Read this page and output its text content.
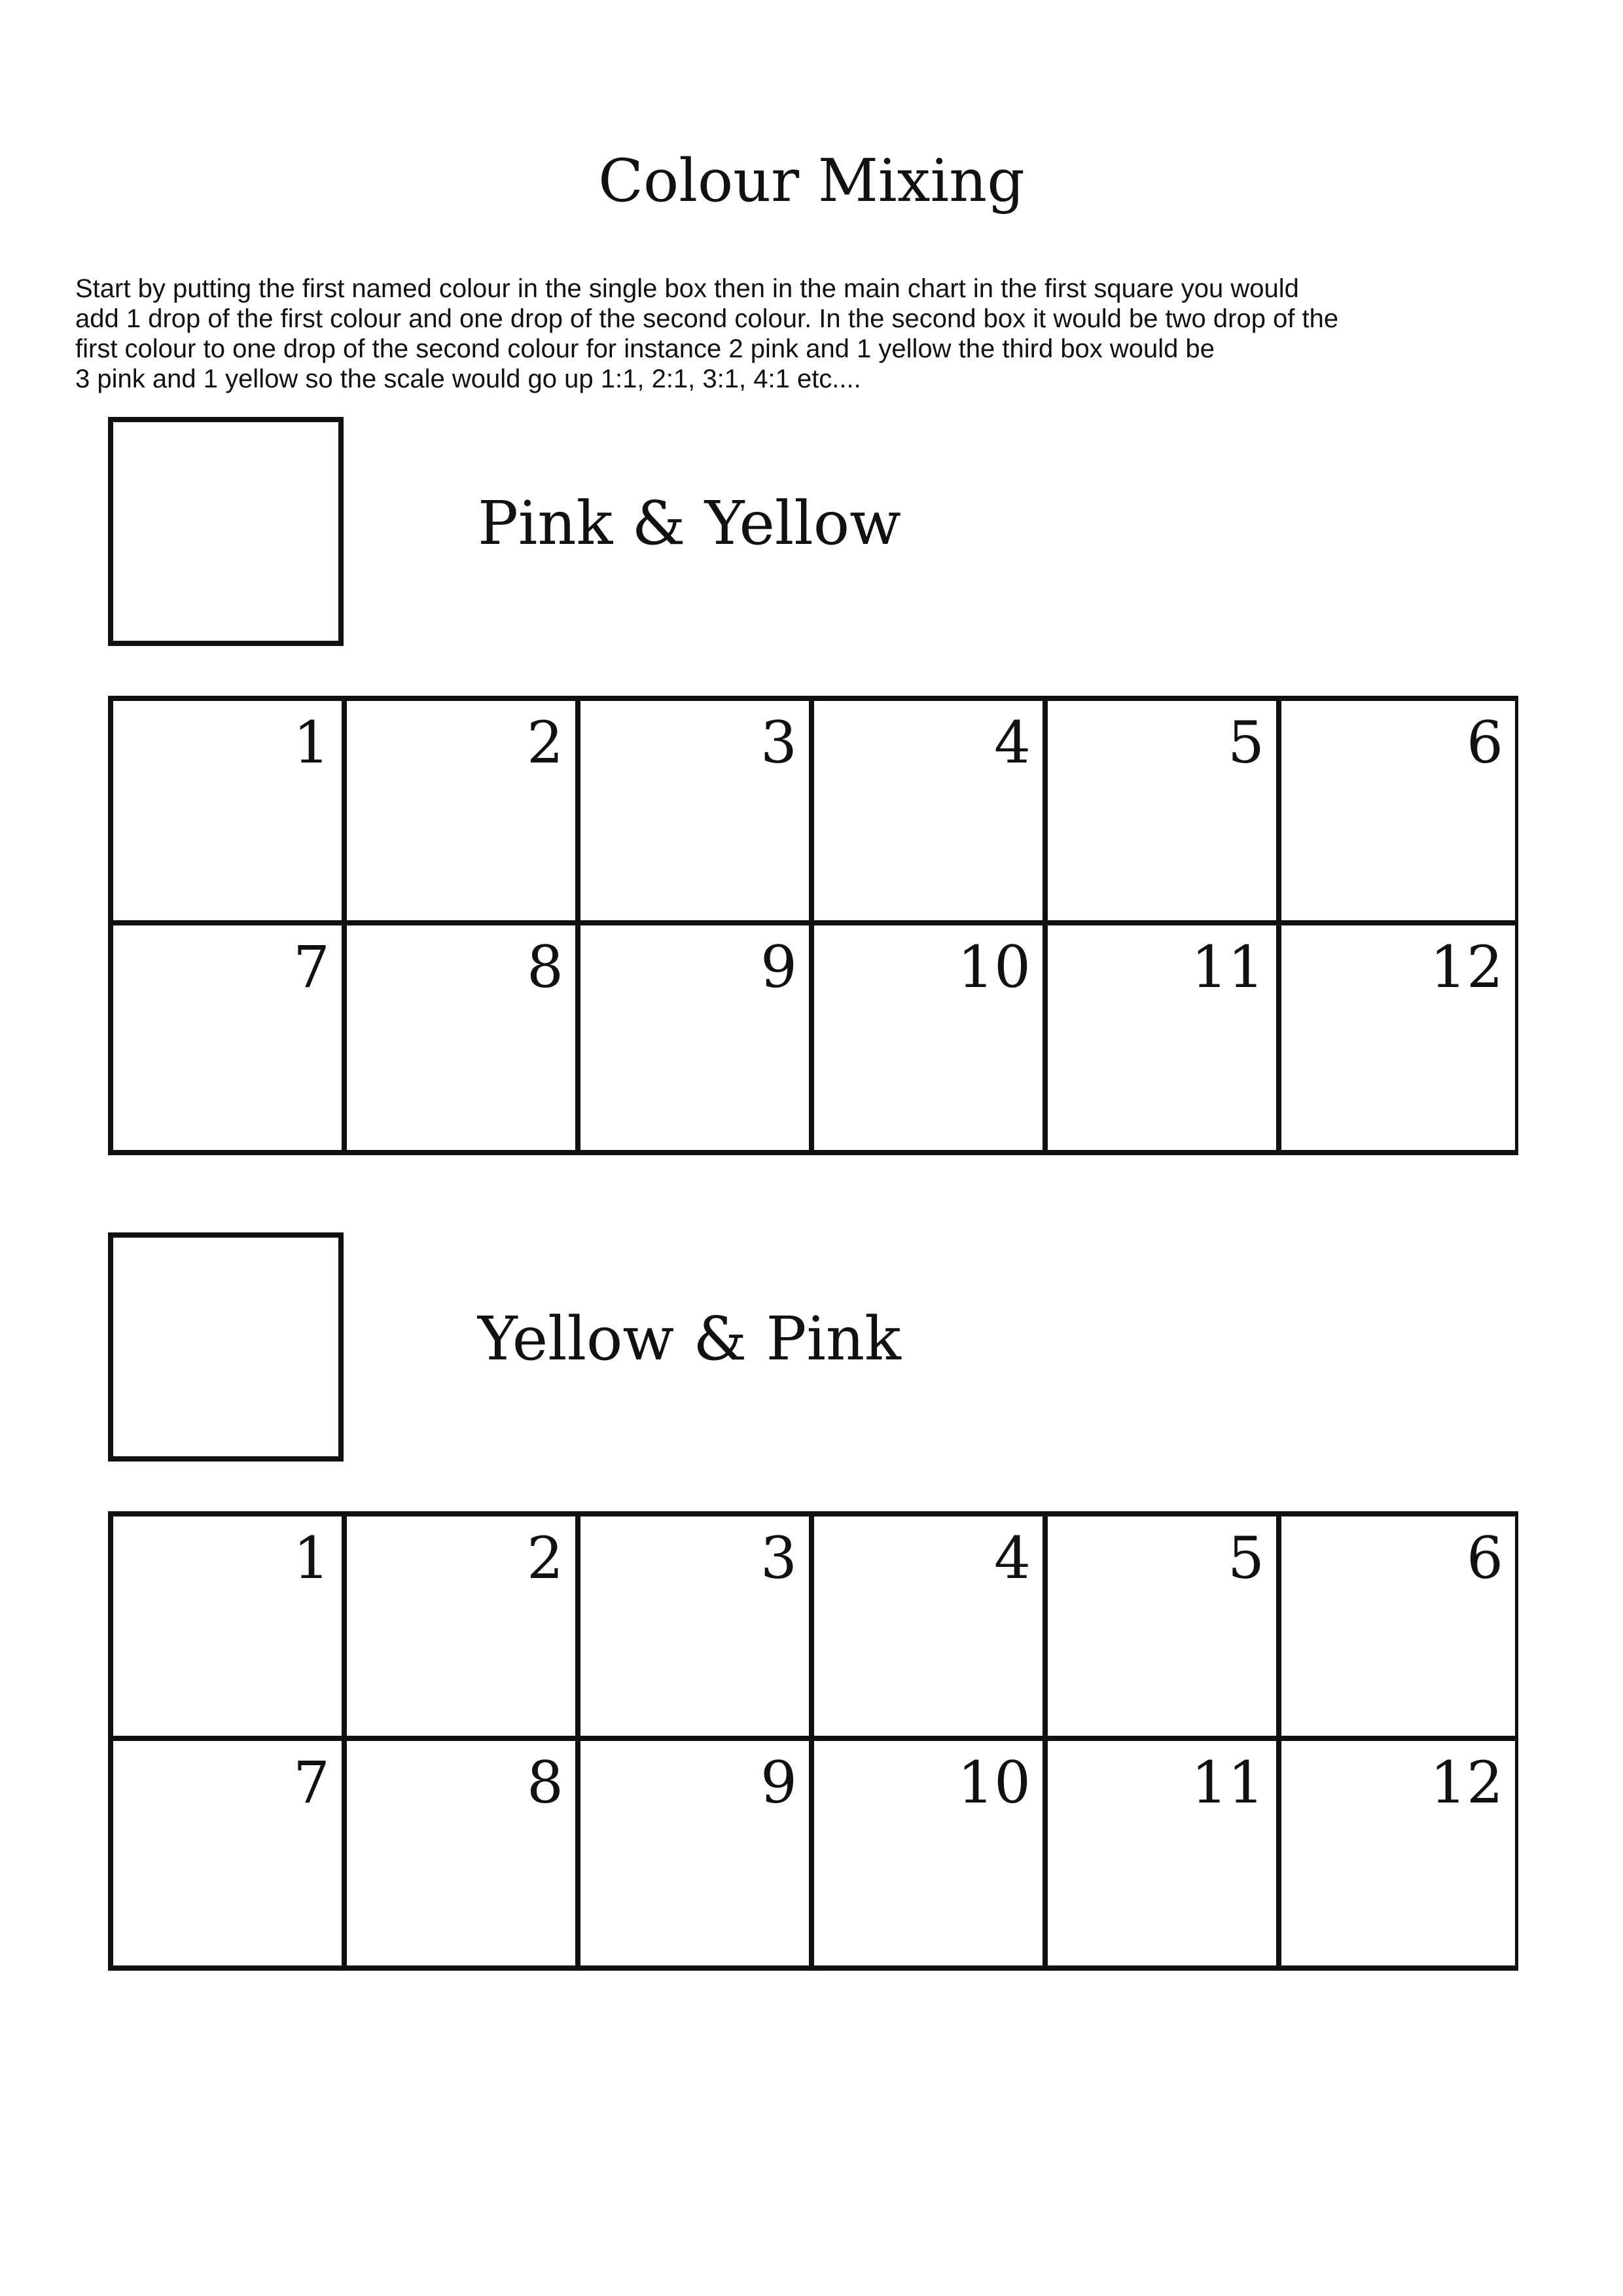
Colour Mixing

Start by putting the first named colour in the single box then in the main chart in the first square you would
add 1 drop of the first colour and one drop of the second colour. In the second box it would be two drop of the
first colour to one drop of the second colour for instance 2 pink and 1 yellow the third box would be
3 pink and 1 yellow so the scale would go up 1:1, 2:1, 3:1, 4:1 etc....

Pink & Yellow
1	2	3	4	5	6
7	8	9	10	11	12
Yellow & Pink
1	2	3	4	5	6
7	8	9	10	11	12
